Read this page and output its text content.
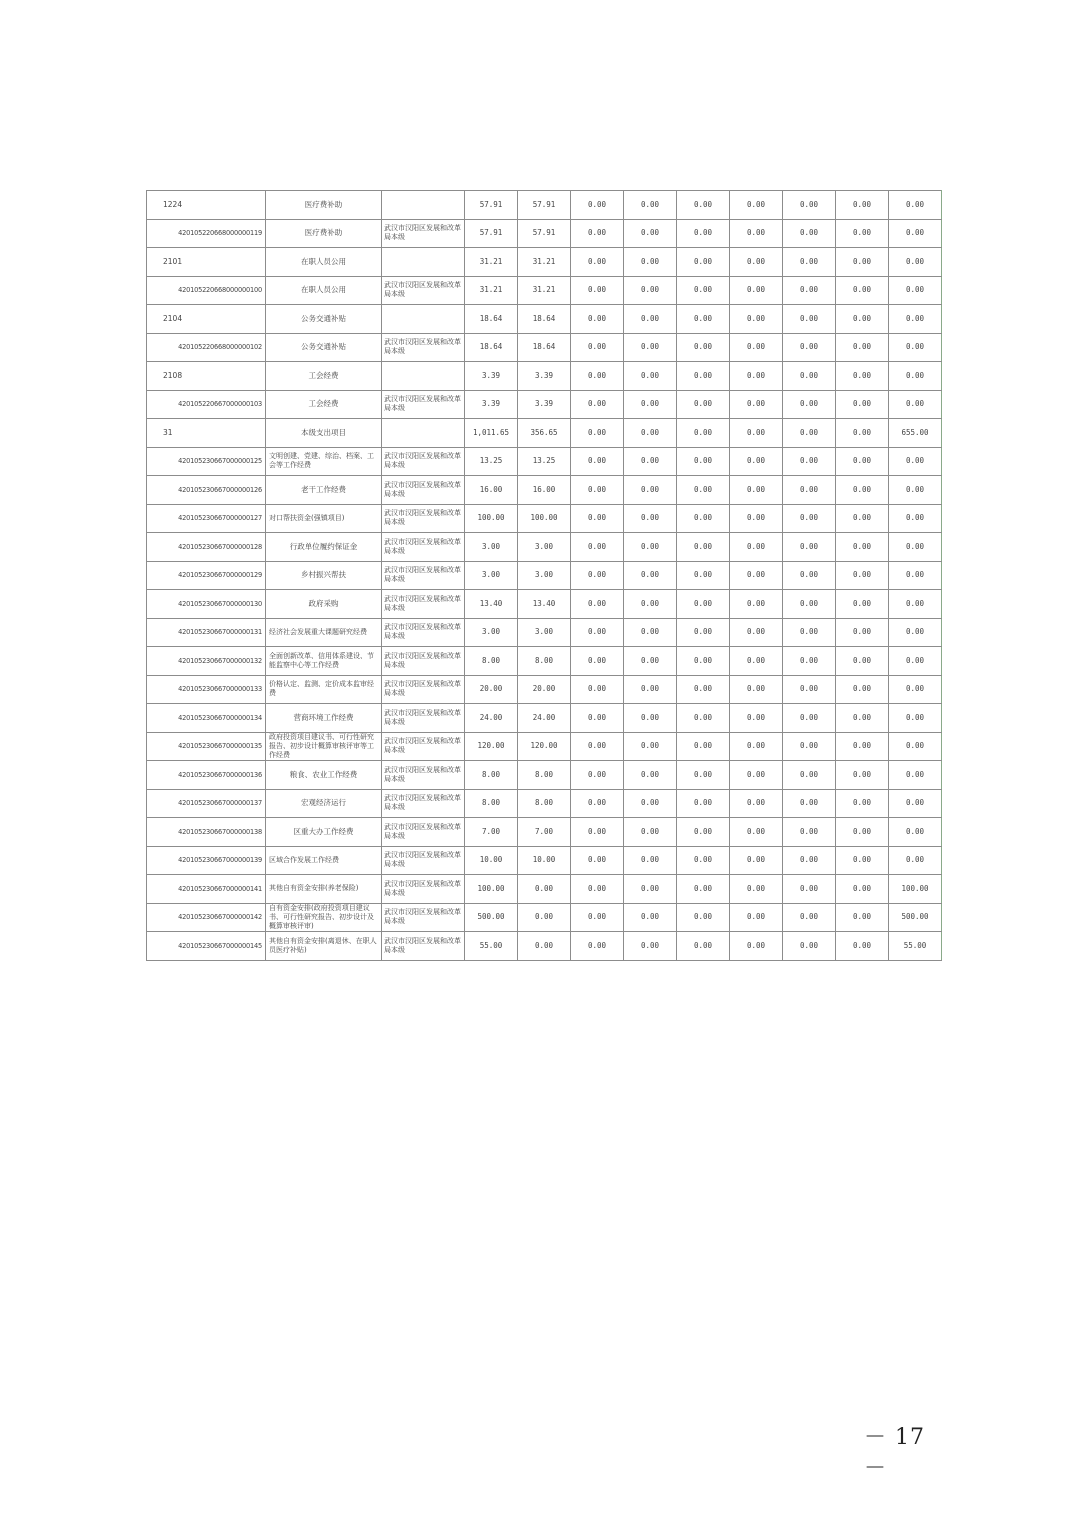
1224	医疗费补助		57.91	57.91	0.00	0.00	0.00	0.00	0.00	0.00	0.00
420105220668000000119	医疗费补助	武汉市汉阳区发展和改革局本级	57.91	57.91	0.00	0.00	0.00	0.00	0.00	0.00	0.00
2101	在职人员公用		31.21	31.21	0.00	0.00	0.00	0.00	0.00	0.00	0.00
420105220668000000100	在职人员公用	武汉市汉阳区发展和改革局本级	31.21	31.21	0.00	0.00	0.00	0.00	0.00	0.00	0.00
2104	公务交通补贴		18.64	18.64	0.00	0.00	0.00	0.00	0.00	0.00	0.00
420105220668000000102	公务交通补贴	武汉市汉阳区发展和改革局本级	18.64	18.64	0.00	0.00	0.00	0.00	0.00	0.00	0.00
2108	工会经费		3.39	3.39	0.00	0.00	0.00	0.00	0.00	0.00	0.00
420105220667000000103	工会经费	武汉市汉阳区发展和改革局本级	3.39	3.39	0.00	0.00	0.00	0.00	0.00	0.00	0.00
31	本级支出项目		1,011.65	356.65	0.00	0.00	0.00	0.00	0.00	0.00	655.00
420105230667000000125	文明创建、党建、综治、档案、工会等工作经费	武汉市汉阳区发展和改革局本级	13.25	13.25	0.00	0.00	0.00	0.00	0.00	0.00	0.00
420105230667000000126	老干工作经费	武汉市汉阳区发展和改革局本级	16.00	16.00	0.00	0.00	0.00	0.00	0.00	0.00	0.00
420105230667000000127	对口帮扶资金(强镇项目)	武汉市汉阳区发展和改革局本级	100.00	100.00	0.00	0.00	0.00	0.00	0.00	0.00	0.00
420105230667000000128	行政单位履约保证金	武汉市汉阳区发展和改革局本级	3.00	3.00	0.00	0.00	0.00	0.00	0.00	0.00	0.00
420105230667000000129	乡村振兴帮扶	武汉市汉阳区发展和改革局本级	3.00	3.00	0.00	0.00	0.00	0.00	0.00	0.00	0.00
420105230667000000130	政府采购	武汉市汉阳区发展和改革局本级	13.40	13.40	0.00	0.00	0.00	0.00	0.00	0.00	0.00
420105230667000000131	经济社会发展重大课题研究经费	武汉市汉阳区发展和改革局本级	3.00	3.00	0.00	0.00	0.00	0.00	0.00	0.00	0.00
420105230667000000132	全面创新改革、信用体系建设、节能监察中心等工作经费	武汉市汉阳区发展和改革局本级	8.00	8.00	0.00	0.00	0.00	0.00	0.00	0.00	0.00
420105230667000000133	价格认定、监测、定价成本监审经费	武汉市汉阳区发展和改革局本级	20.00	20.00	0.00	0.00	0.00	0.00	0.00	0.00	0.00
420105230667000000134	营商环境工作经费	武汉市汉阳区发展和改革局本级	24.00	24.00	0.00	0.00	0.00	0.00	0.00	0.00	0.00
420105230667000000135	政府投资项目建议书、可行性研究报告、初步设计概算审核评审等工作经费	武汉市汉阳区发展和改革局本级	120.00	120.00	0.00	0.00	0.00	0.00	0.00	0.00	0.00
420105230667000000136	粮食、农业工作经费	武汉市汉阳区发展和改革局本级	8.00	8.00	0.00	0.00	0.00	0.00	0.00	0.00	0.00
420105230667000000137	宏观经济运行	武汉市汉阳区发展和改革局本级	8.00	8.00	0.00	0.00	0.00	0.00	0.00	0.00	0.00
420105230667000000138	区重大办工作经费	武汉市汉阳区发展和改革局本级	7.00	7.00	0.00	0.00	0.00	0.00	0.00	0.00	0.00
420105230667000000139	区域合作发展工作经费	武汉市汉阳区发展和改革局本级	10.00	10.00	0.00	0.00	0.00	0.00	0.00	0.00	0.00
420105230667000000141	其他自有资金安排(养老保险)	武汉市汉阳区发展和改革局本级	100.00	0.00	0.00	0.00	0.00	0.00	0.00	0.00	100.00
420105230667000000142	自有资金安排(政府投资项目建议书、可行性研究报告、初步设计及概算审核评审)	武汉市汉阳区发展和改革局本级	500.00	0.00	0.00	0.00	0.00	0.00	0.00	0.00	500.00
420105230667000000145	其他自有资金安排(离退休、在职人员医疗补贴)	武汉市汉阳区发展和改革局本级	55.00	0.00	0.00	0.00	0.00	0.00	0.00	0.00	55.00
－ 17 －
